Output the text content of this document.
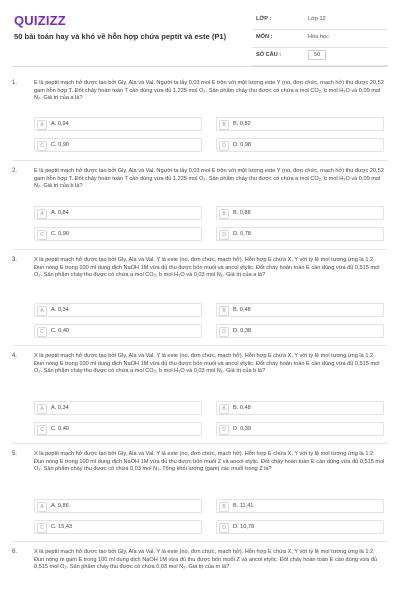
QUIZIZZ
50 bài toán hay và khó về hỗn hợp chứa peptit và este (P1)
LỚP :	Lớp 12
MÔN :	Hóa học
SỐ CÂU :	50
1.	E là peptit mạch hở được tạo bởi Gly, Ala và Val. Người ta lấy 0,03 mol E trộn với một lượng este Y (no, đơn chức, mạch hở) thu được 20,52 gam hỗn hợp T. Đốt cháy hoàn toàn T cần dùng vừa đủ 1,225 mol O₂. Sản phẩm cháy thu được có chứa a mol CO₂, b mol H₂O và 0,09 mol N₂. Giá trị của a là?
A	A. 0,94	B	B. 0,82
C	C. 0,90	D	D. 0,98
2.	E là peptit mạch hở được tạo bởi Gly, Ala và Val. Người ta lấy 0,03 mol E trộn với một lượng este Y (no, đơn chức, mạch hở) thu được 20,52 gam hỗn hợp T. Đốt cháy hoàn toàn T cần dùng vừa đủ 1,225 mol O₂. Sản phẩm cháy thu được có chứa a mol CO₂, b mol H₂O và 0,09 mol N₂. Giá trị của b là?
A	A. 0,84	B	B. 0,88
C	C. 0,90	D	D. 0,78
3.	X là peptit mạch hở được tạo bởi Gly, Ala và Val. Y là este (no, đơn chức, mạch hở). Hỗn hợp E chứa X, Y với tỷ lệ mol tương ứng là 1:2. Đun nóng E trong 100 ml dung dịch NaOH 1M vừa đủ thu được bốn muối và ancol etylic. Đốt cháy hoàn toàn E cần dùng vừa đủ 0,515 mol O₂. Sản phẩm cháy thu được có chứa a mol CO₂, b mol H₂O và 0,03 mol N₂. Giá trị của a là?
A	A. 0,34	B	B. 0,48
C	C. 0,40	D	D. 0,38
4.	X là peptit mạch hở được tạo bởi Gly, Ala và Val. Y là este (no, đơn chức, mạch hở). Hỗn hợp E chứa X, Y với tỷ lệ mol tương ứng là 1:2. Đun nóng E trong 100 ml dung dịch NaOH 1M vừa đủ thu được bốn muối và ancol etylic. Đốt cháy hoàn toàn E cần dùng vừa đủ 0,515 mol O₂. Sản phẩm cháy thu được có chứa a mol CO₂, b mol H₂O và 0,03 mol N₂. Giá trị của b là?
A	A. 0,34	B	B. 0,48
C	C. 0,40	D	D. 0,39
5.	X là peptit mạch hở được tạo bởi Gly, Ala và Val. Y là este (no, đơn chức, mạch hở). Hỗn hợp E chứa X, Y với tỷ lệ mol tương ứng là 1:2. Đun nóng E trong 100 ml dung dịch NaOH 1M vừa đủ thu được bốn muối Z và ancol etylic. Đốt cháy hoàn toàn E cần dùng vừa đủ 0,515 mol O₂. Sản phẩm cháy thu được có chứa 0,03 mol N₂. Tổng khối lượng (gam) các muối trong Z là?
A	A. 9,86	B	B. 11,41
C	C. 15,43	D	D. 10,78
6.	X là peptit mạch hở được tạo bởi Gly, Ala và Val. Y là este (no, đơn chức, mạch hở). Hỗn hợp E chứa X, Y với tỷ lệ mol tương ứng là 1:2. Đun nóng m gam E trong 100 ml dung dịch NaOH 1M vừa đủ thu được bốn muối Z và ancol etylic. Đốt cháy hoàn toàn E cần dùng vừa đủ 0,515 mol O₂. Sản phẩm cháy thu được có chứa 0,03 mol N₂. Giá trị của m là?
